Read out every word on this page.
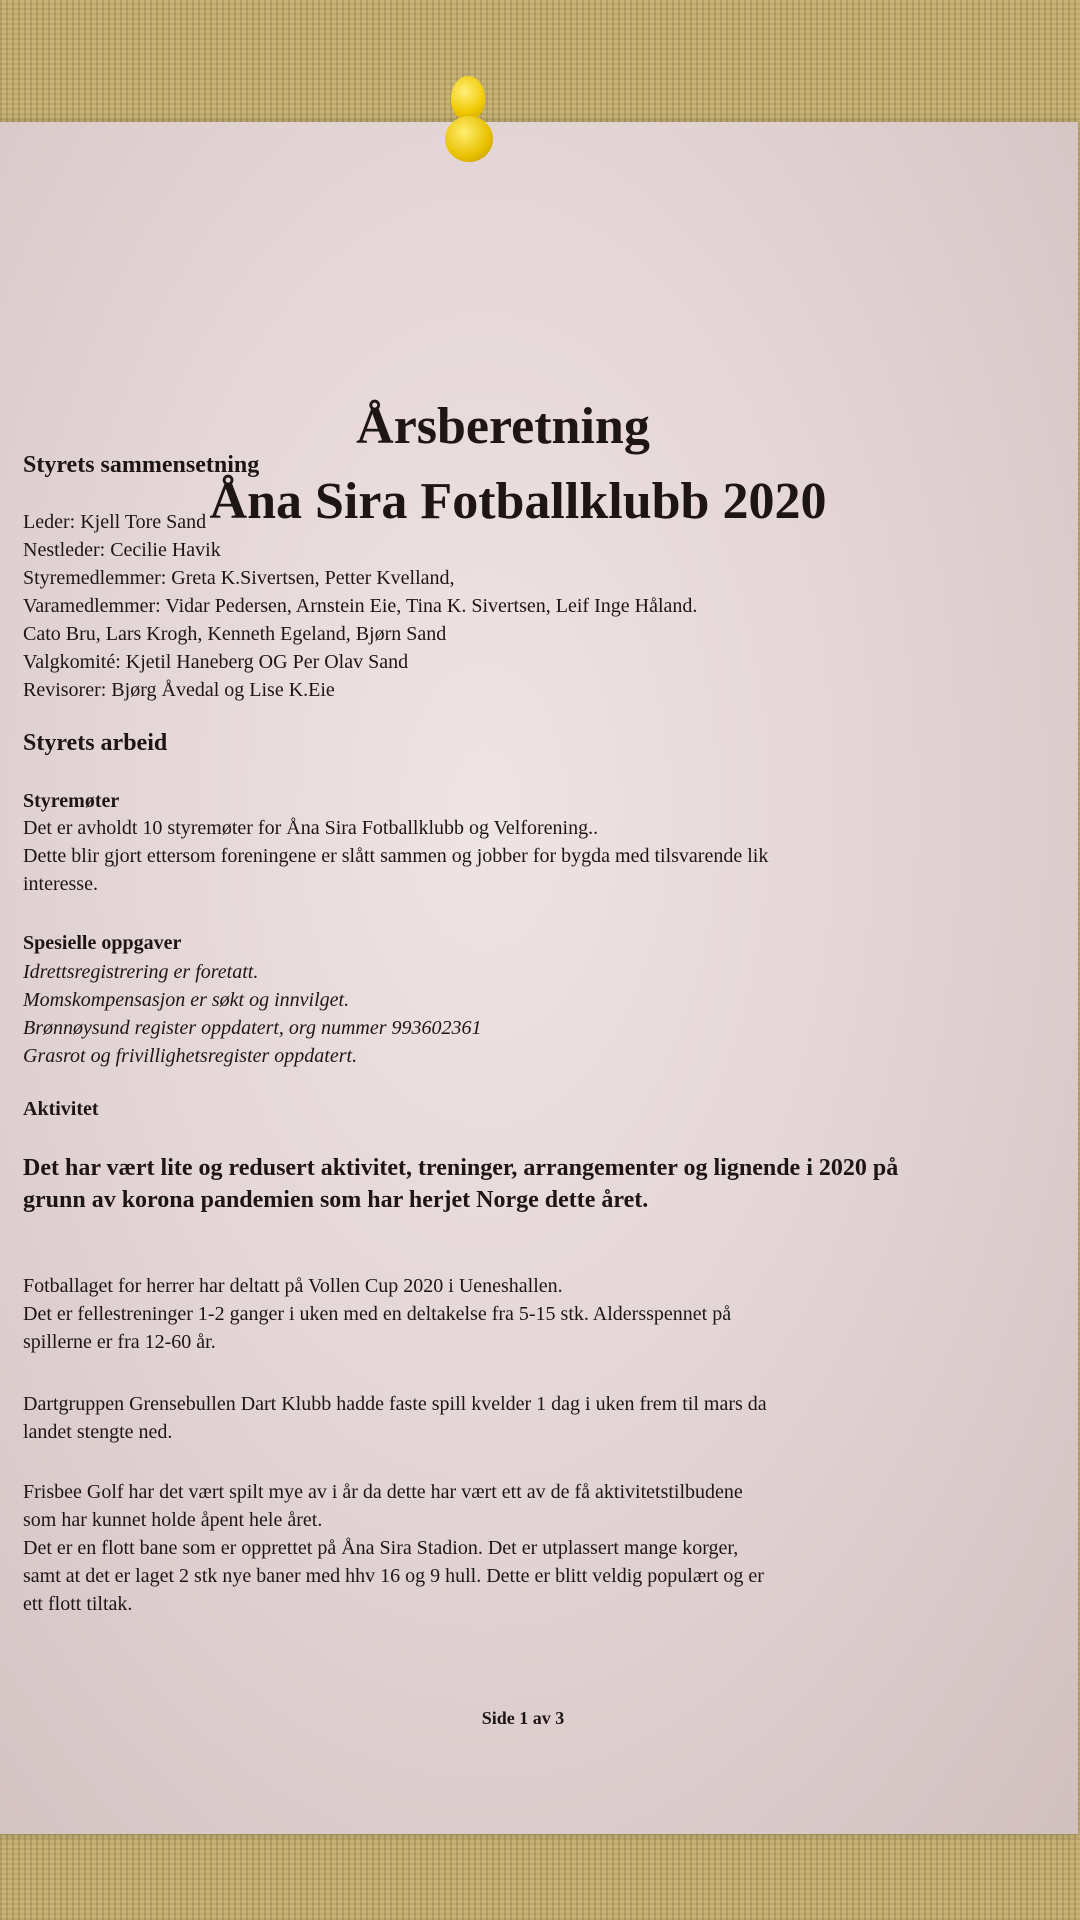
Årsberetning
Åna Sira Fotballklubb 2020
Styrets sammensetning

Leder: Kjell Tore Sand

Nestleder: Cecilie Havik

Styremedlemmer: Greta K.Sivertsen, Petter Kvelland,

Varamedlemmer: Vidar Pedersen, Arnstein Eie, Tina K. Sivertsen, Leif Inge Håland.

Cato Bru, Lars Krogh, Kenneth Egeland, Bjørn Sand

Valgkomité: Kjetil Haneberg OG Per Olav Sand

Revisorer: Bjørg Åvedal og Lise K.Eie

Styrets arbeid
Styremøter

Det er avholdt 10 styremøter for Åna Sira Fotballklubb og Velforening..

Dette blir gjort ettersom foreningene er slått sammen og jobber for bygda med tilsvarende lik

interesse.

Spesielle oppgaver

Idrettsregistrering er foretatt.

Momskompensasjon er søkt og innvilget.

Brønnøysund register oppdatert, org nummer 993602361

Grasrot og frivillighetsregister oppdatert.

Aktivitet

Det har vært lite og redusert aktivitet, treninger, arrangementer og lignende i 2020 på grunn av korona pandemien som har herjet Norge dette året.

Fotballaget for herrer har deltatt på Vollen Cup 2020 i Ueneshallen.

Det er fellestreninger 1-2 ganger i uken med en deltakelse fra 5-15 stk. Aldersspennet på

spillerne er fra 12-60 år.

Dartgruppen Grensebullen Dart Klubb hadde faste spill kvelder 1 dag i uken frem til mars da

landet stengte ned.

Frisbee Golf har det vært spilt mye av i år da dette har vært ett av de få aktivitetstilbudene

som har kunnet holde åpent hele året.

Det er en flott bane som er opprettet på Åna Sira Stadion. Det er utplassert mange korger,

samt at det er laget 2 stk nye baner med hhv 16 og 9 hull. Dette er blitt veldig populært og er

ett flott tiltak.

Side 1 av 3
